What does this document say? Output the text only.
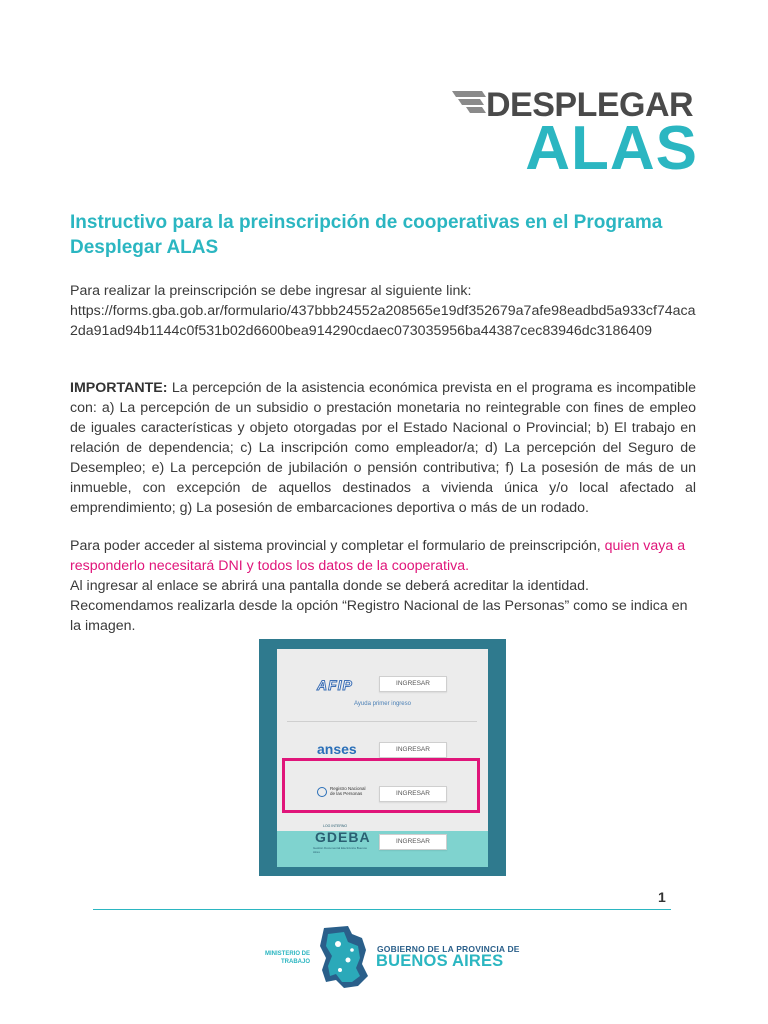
DESPLEGAR
ALAS
Instructivo para la preinscripción de cooperativas en el Programa Desplegar ALAS
Para realizar la preinscripción se debe ingresar al siguiente link:
https://forms.gba.gob.ar/formulario/437bbb24552a208565e19df352679a7afe98eadbd5a933cf74aca2da91ad94b1144c0f531b02d6600bea914290cdaec073035956ba44387cec83946dc3186409
IMPORTANTE: La percepción de la asistencia económica prevista en el programa es incompatible con: a) La percepción de un subsidio o prestación monetaria no reintegrable con fines de empleo de iguales características y objeto otorgadas por el Estado Nacional o Provincial; b) El trabajo en relación de dependencia; c) La inscripción como empleador/a; d) La percepción del Seguro de Desempleo; e) La percepción de jubilación o pensión contributiva; f) La posesión de más de un inmueble, con excepción de aquellos destinados a vivienda única y/o local afectado al emprendimiento; g) La posesión de embarcaciones deportiva o más de un rodado.
Para poder acceder al sistema provincial y completar el formulario de preinscripción, quien vaya a responderlo necesitará DNI y todos los datos de la cooperativa.
Al ingresar al enlace se abrirá una pantalla donde se deberá acreditar la identidad. Recomendamos realizarla desde la opción “Registro Nacional de las Personas” como se indica en la imagen.
AFIP	INGRESAR
Ayuda primer ingreso
anses	INGRESAR
Registro Nacional de las Personas	INGRESAR
LOG INTERNO
GDEBA
Gestión Documental Electrónica Buenos Aires
INGRESAR
1
MINISTERIO DE TRABAJO
GOBIERNO DE LA PROVINCIA DE
BUENOS AIRES
